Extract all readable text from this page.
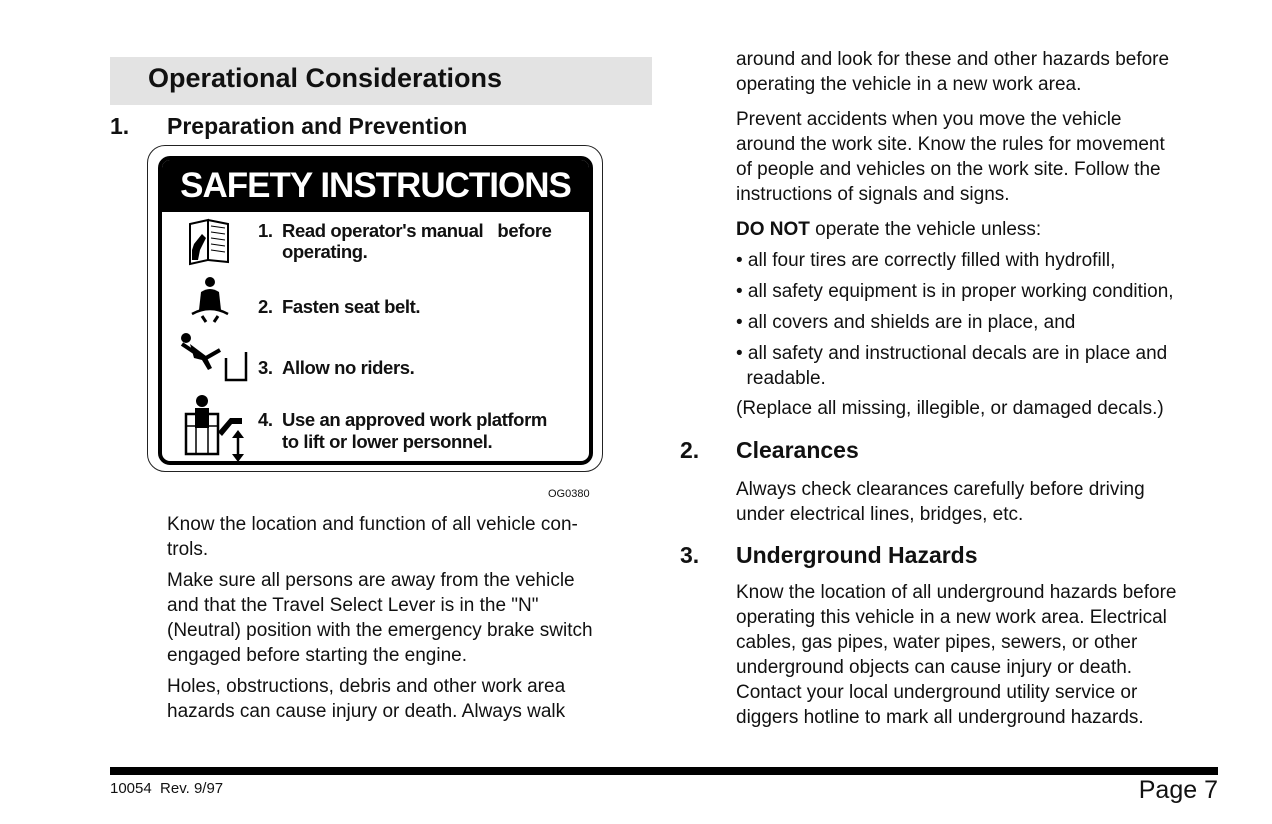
Operational Considerations
1. Preparation and Prevention
SAFETY INSTRUCTIONS
1. Read operator's manual   before
operating.
2. Fasten seat belt.
3. Allow no riders.
4. Use an approved work platform
to lift or lower personnel.
OG0380

Know the location and function of all vehicle con-
trols.

Make sure all persons are away from the vehicle
and that the Travel Select Lever is in the "N"
(Neutral) position with the emergency brake switch
engaged before starting the engine.

Holes, obstructions, debris and other work area
hazards can cause injury or death. Always walk

around and look for these and other hazards before
operating the vehicle in a new work area.

Prevent accidents when you move the vehicle
around the work site. Know the rules for movement
of people and vehicles on the work site. Follow the
instructions of signals and signs.

DO NOT operate the vehicle unless:

• all four tires are correctly filled with hydrofill,

• all safety equipment is in proper working condition,

• all covers and shields are in place, and

• all safety and instructional decals are in place and
readable.

(Replace all missing, illegible, or damaged decals.)

2. Clearances
Always check clearances carefully before driving
under electrical lines, bridges, etc.
3. Underground Hazards
Know the location of all underground hazards before
operating this vehicle in a new work area. Electrical
cables, gas pipes, water pipes, sewers, or other
underground objects can cause injury or death.
Contact your local underground utility service or
diggers hotline to mark all underground hazards.
10054  Rev. 9/97	Page 7
